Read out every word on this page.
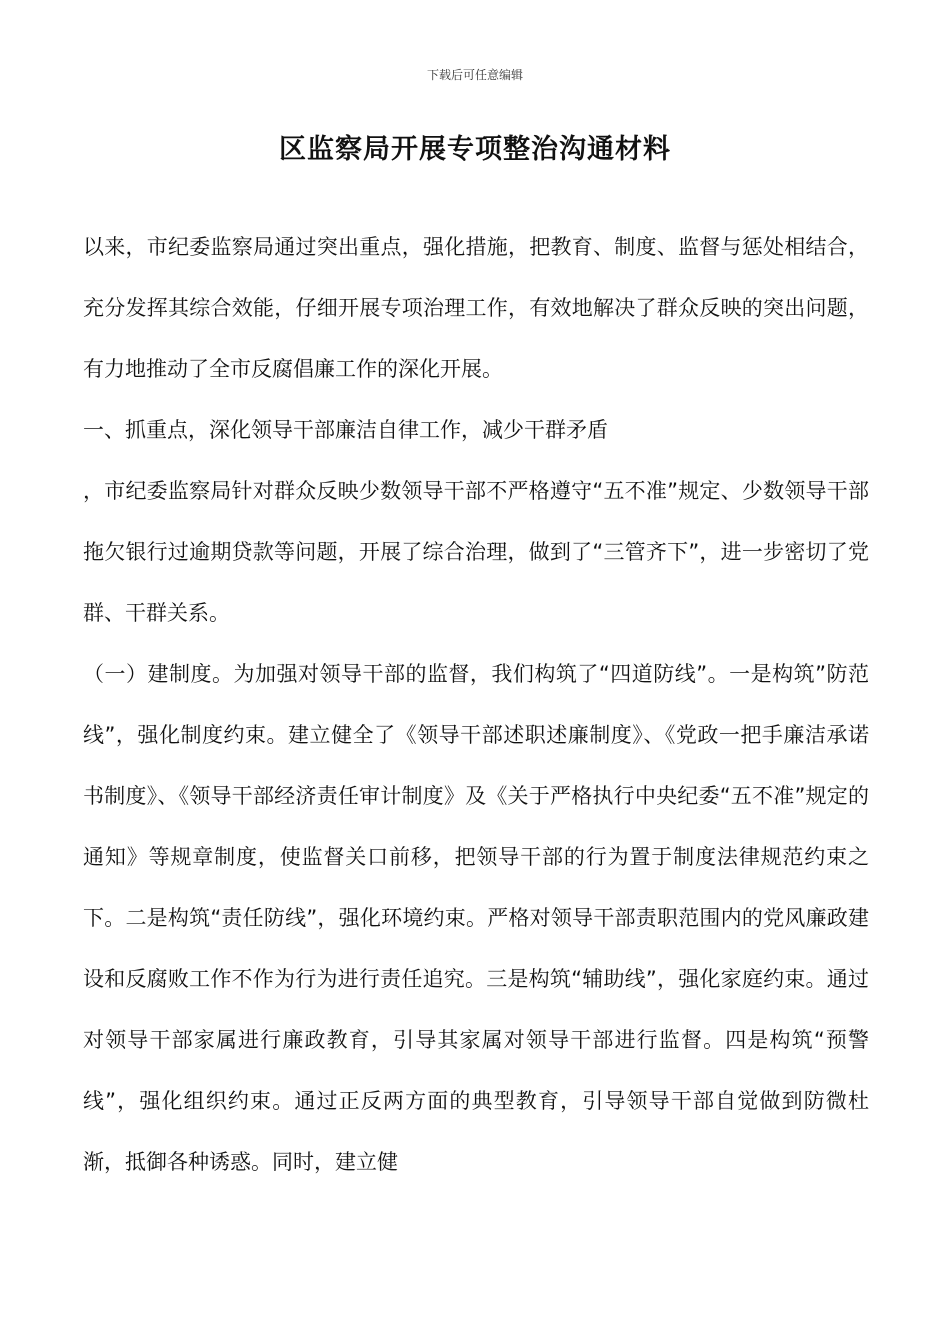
下载后可任意编辑
区监察局开展专项整治沟通材料

以来，市纪委监察局通过突出重点，强化措施，把教育、制度、监督与惩处相结合，充分发挥其综合效能，仔细开展专项治理工作，有效地解决了群众反映的突出问题，有力地推动了全市反腐倡廉工作的深化开展。

一、抓重点，深化领导干部廉洁自律工作，减少干群矛盾

，市纪委监察局针对群众反映少数领导干部不严格遵守“五不准”规定、少数领导干部拖欠银行过逾期贷款等问题，开展了综合治理，做到了“三管齐下”，进一步密切了党群、干群关系。

（一）建制度。为加强对领导干部的监督，我们构筑了“四道防线”。一是构筑”防范线”，强化制度约束。建立健全了《领导干部述职述廉制度》、《党政一把手廉洁承诺书制度》、《领导干部经济责任审计制度》及《关于严格执行中央纪委“五不准”规定的通知》等规章制度，使监督关口前移，把领导干部的行为置于制度法律规范约束之下。二是构筑“责任防线”，强化环境约束。严格对领导干部责职范围内的党风廉政建设和反腐败工作不作为行为进行责任追究。三是构筑“辅助线”，强化家庭约束。通过对领导干部家属进行廉政教育，引导其家属对领导干部进行监督。四是构筑“预警线”，强化组织约束。通过正反两方面的典型教育，引导领导干部自觉做到防微杜渐，抵御各种诱惑。同时，建立健
